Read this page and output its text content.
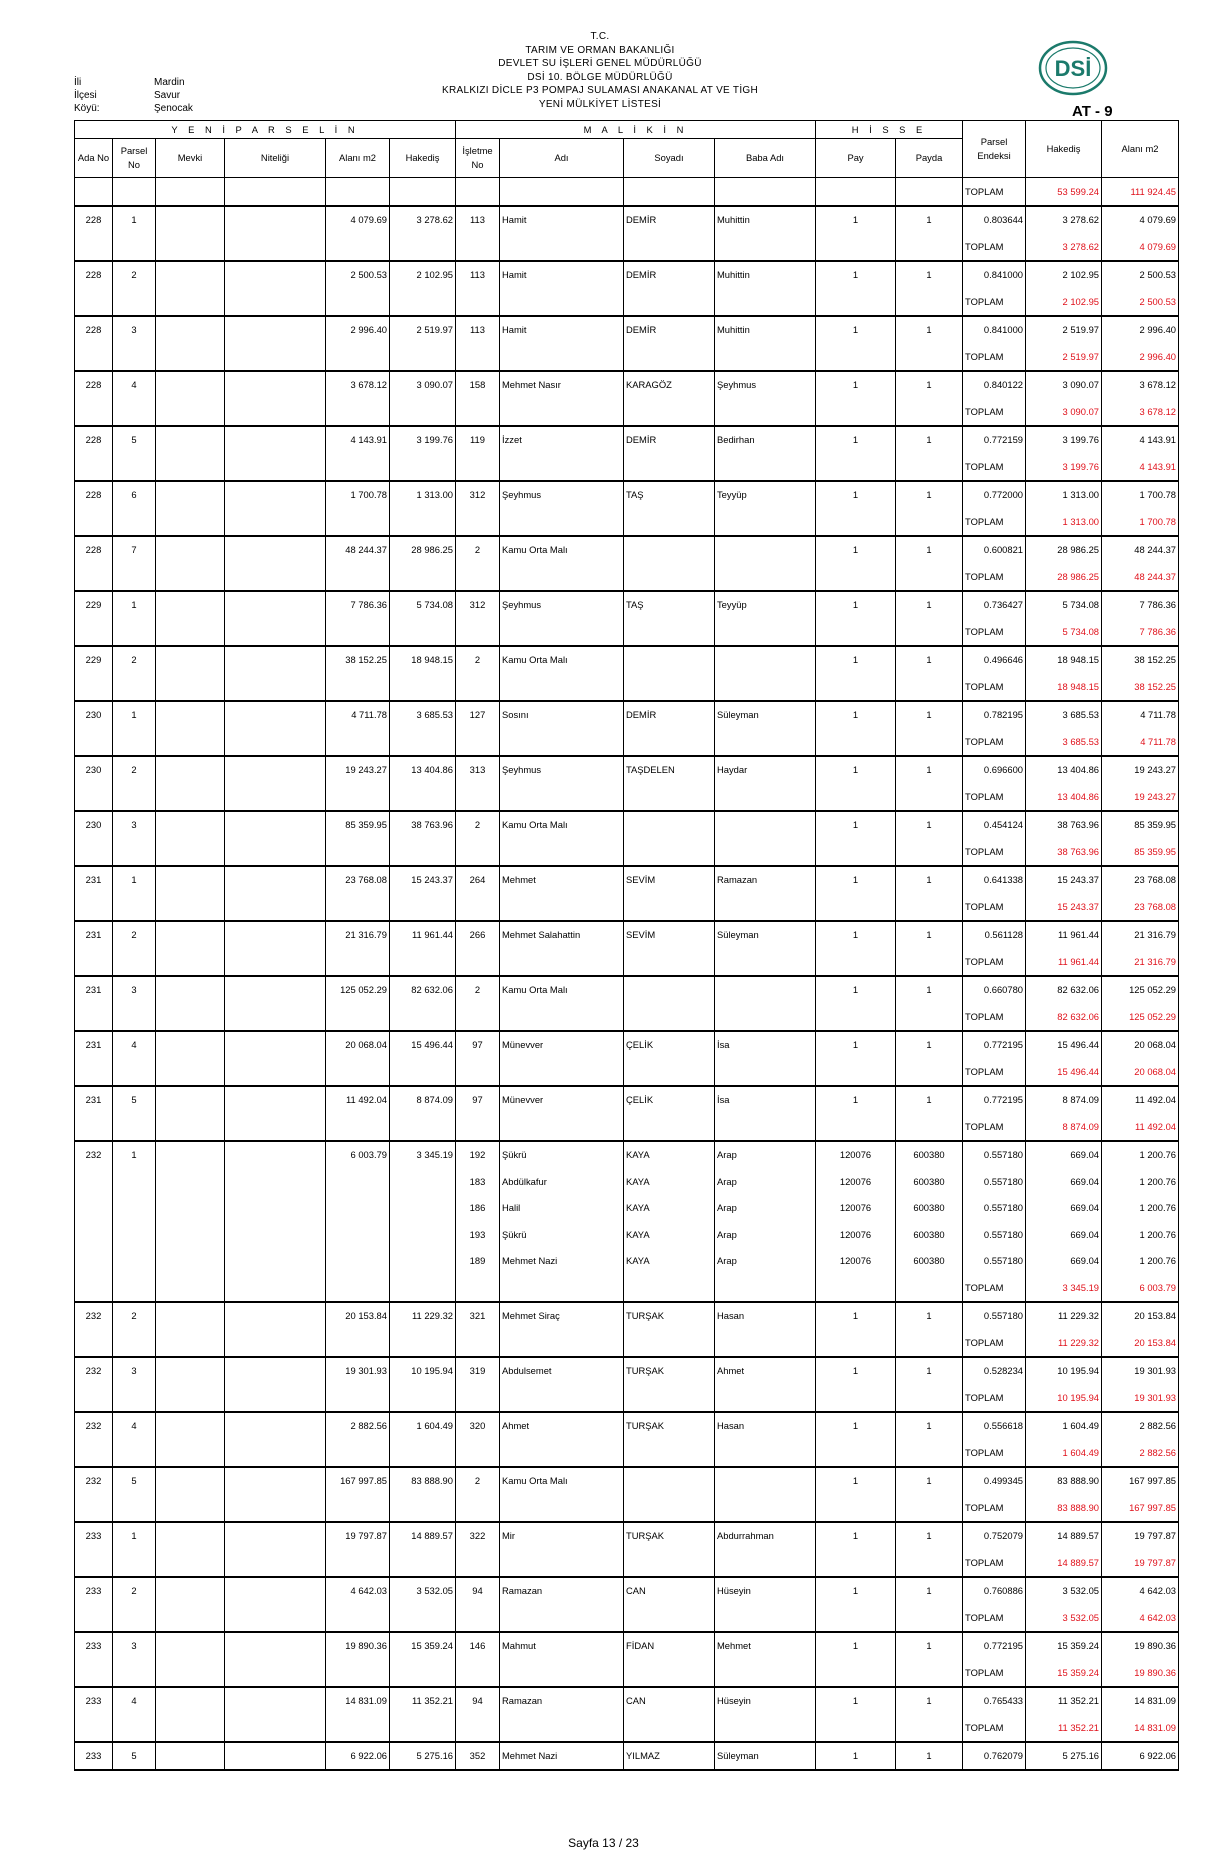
İli	Mardin
İlçesi	Savur
Köyü:	Şenocak
T.C.
TARIM VE ORMAN BAKANLIĞI
DEVLET SU İŞLERİ GENEL MÜDÜRLÜĞÜ
DSİ 10. BÖLGE MÜDÜRLÜĞÜ
KRALKIZI DİCLE P3 POMPAJ SULAMASI ANAKANAL AT VE TİGH
YENİ MÜLKİYET LİSTESİ
DSİ
AT - 9
Y E N İ P A R S E L İ N						M A L İ K İ N				H İ S S E		Parsel Endeksi	Hakediş	Alanı m2
Ada No	Parsel No	Mevki	Niteliği	Alanı m2	Hakediş	İşletme No	Adı	Soyadı	Baba Adı	Pay	Payda			
												TOPLAM	53 599.24	111 924.45
228	1			4 079.69	3 278.62	113	Hamit	DEMİR	Muhittin	1	1	0.803644	3 278.62	4 079.69
												TOPLAM	3 278.62	4 079.69
228	2			2 500.53	2 102.95	113	Hamit	DEMİR	Muhittin	1	1	0.841000	2 102.95	2 500.53
												TOPLAM	2 102.95	2 500.53
228	3			2 996.40	2 519.97	113	Hamit	DEMİR	Muhittin	1	1	0.841000	2 519.97	2 996.40
												TOPLAM	2 519.97	2 996.40
228	4			3 678.12	3 090.07	158	Mehmet Nasır	KARAGÖZ	Şeyhmus	1	1	0.840122	3 090.07	3 678.12
												TOPLAM	3 090.07	3 678.12
228	5			4 143.91	3 199.76	119	İzzet	DEMİR	Bedirhan	1	1	0.772159	3 199.76	4 143.91
												TOPLAM	3 199.76	4 143.91
228	6			1 700.78	1 313.00	312	Şeyhmus	TAŞ	Teyyüp	1	1	0.772000	1 313.00	1 700.78
												TOPLAM	1 313.00	1 700.78
228	7			48 244.37	28 986.25	2	Kamu Orta Malı			1	1	0.600821	28 986.25	48 244.37
												TOPLAM	28 986.25	48 244.37
229	1			7 786.36	5 734.08	312	Şeyhmus	TAŞ	Teyyüp	1	1	0.736427	5 734.08	7 786.36
												TOPLAM	5 734.08	7 786.36
229	2			38 152.25	18 948.15	2	Kamu Orta Malı			1	1	0.496646	18 948.15	38 152.25
												TOPLAM	18 948.15	38 152.25
230	1			4 711.78	3 685.53	127	Sosını	DEMİR	Süleyman	1	1	0.782195	3 685.53	4 711.78
												TOPLAM	3 685.53	4 711.78
230	2			19 243.27	13 404.86	313	Şeyhmus	TAŞDELEN	Haydar	1	1	0.696600	13 404.86	19 243.27
												TOPLAM	13 404.86	19 243.27
230	3			85 359.95	38 763.96	2	Kamu Orta Malı			1	1	0.454124	38 763.96	85 359.95
												TOPLAM	38 763.96	85 359.95
231	1			23 768.08	15 243.37	264	Mehmet	SEVİM	Ramazan	1	1	0.641338	15 243.37	23 768.08
												TOPLAM	15 243.37	23 768.08
231	2			21 316.79	11 961.44	266	Mehmet Salahattin	SEVİM	Süleyman	1	1	0.561128	11 961.44	21 316.79
												TOPLAM	11 961.44	21 316.79
231	3			125 052.29	82 632.06	2	Kamu Orta Malı			1	1	0.660780	82 632.06	125 052.29
												TOPLAM	82 632.06	125 052.29
231	4			20 068.04	15 496.44	97	Münevver	ÇELİK	İsa	1	1	0.772195	15 496.44	20 068.04
												TOPLAM	15 496.44	20 068.04
231	5			11 492.04	8 874.09	97	Münevver	ÇELİK	İsa	1	1	0.772195	8 874.09	11 492.04
												TOPLAM	8 874.09	11 492.04
232	1			6 003.79	3 345.19	192	Şükrü	KAYA	Arap	120076	600380	0.557180	669.04	1 200.76
						183	Abdülkafur	KAYA	Arap	120076	600380	0.557180	669.04	1 200.76
						186	Halil	KAYA	Arap	120076	600380	0.557180	669.04	1 200.76
						193	Şükrü	KAYA	Arap	120076	600380	0.557180	669.04	1 200.76
						189	Mehmet Nazi	KAYA	Arap	120076	600380	0.557180	669.04	1 200.76
												TOPLAM	3 345.19	6 003.79
232	2			20 153.84	11 229.32	321	Mehmet Siraç	TURŞAK	Hasan	1	1	0.557180	11 229.32	20 153.84
												TOPLAM	11 229.32	20 153.84
232	3			19 301.93	10 195.94	319	Abdulsemet	TURŞAK	Ahmet	1	1	0.528234	10 195.94	19 301.93
												TOPLAM	10 195.94	19 301.93
232	4			2 882.56	1 604.49	320	Ahmet	TURŞAK	Hasan	1	1	0.556618	1 604.49	2 882.56
												TOPLAM	1 604.49	2 882.56
232	5			167 997.85	83 888.90	2	Kamu Orta Malı			1	1	0.499345	83 888.90	167 997.85
												TOPLAM	83 888.90	167 997.85
233	1			19 797.87	14 889.57	322	Mir	TURŞAK	Abdurrahman	1	1	0.752079	14 889.57	19 797.87
												TOPLAM	14 889.57	19 797.87
233	2			4 642.03	3 532.05	94	Ramazan	CAN	Hüseyin	1	1	0.760886	3 532.05	4 642.03
												TOPLAM	3 532.05	4 642.03
233	3			19 890.36	15 359.24	146	Mahmut	FİDAN	Mehmet	1	1	0.772195	15 359.24	19 890.36
												TOPLAM	15 359.24	19 890.36
233	4			14 831.09	11 352.21	94	Ramazan	CAN	Hüseyin	1	1	0.765433	11 352.21	14 831.09
												TOPLAM	11 352.21	14 831.09
233	5			6 922.06	5 275.16	352	Mehmet Nazi	YILMAZ	Süleyman	1	1	0.762079	5 275.16	6 922.06
Sayfa 13 / 23
